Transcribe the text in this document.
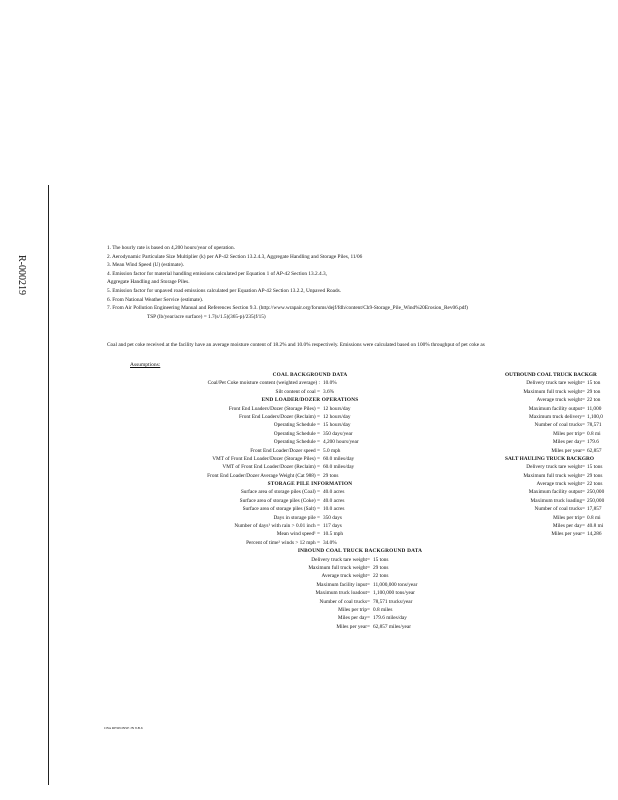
R-000219
1. The hourly rate is based on 4,200 hours/year of operation.
2. Aerodynamic Particulate Size Multiplier (k) per AP-42 Section 13.2.4.3, Aggregate Handling and Storage Piles, 11/06
3. Mean Wind Speed (U) (estimate).
4. Emission factor for material handling emissions calculated per Equation 1 of AP-42 Section 13.2.4.3,
Aggregate Handling and Storage Piles.
5. Emission factor for unpaved road emissions calculated per Equation AP-42 Section 13.2.2, Unpaved Roads.
6. From National Weather Service (estimate).
7. From Air Pollution Engineering Manual and References Section 9.3. (http://www.wrapair.org/forums/dejf/fdh/content/Ch9-Storage_Pile_Wind%20Erosion_Rev06.pdf)
TSP (lb/year/acre surface) = 1.7(s/1.5)(365-p)/235(f/15)
Coal and pet coke received at the facility have an average moisture content of 18.2% and 10.0% respectively. Emissions were calculated based on 100% throughput of pet coke as
Assumptions:
COAL BACKGROUND DATA
Coal/Pet Coke moisture content (weighted average) : 10.0%
Silt content of coal = 3.6%
END LOADER/DOZER OPERATIONS
Front End Loaders/Dozer (Storage Piles) = 12 hours/day
Front End Loaders/Dozer (Reclaim) = 12 hours/day
Operating Schedule = 15 hours/day
Operating Schedule = 350 days/year
Operating Schedule = 4,200 hours/year
Front End Loader/Dozer speed = 5.0 mph
VMT of Front End Loader/Dozer (Storage Piles) = 60.0 miles/day
VMT of Front End Loader/Dozer (Reclaim) = 60.0 miles/day
Front End Loader/Dozer Average Weight (Cat 988) = 29 tons
STORAGE PILE INFORMATION
Surface area of storage piles (Coal) = 40.0 acres
Surface area of storage piles (Coke) = 40.0 acres
Surface area of storage piles (Salt) = 10.0 acres
Days in storage pile = 350 days
Number of days¹ with rain > 0.01 inch = 117 days
Mean wind speed¹ = 10.5 mph
Percent of time¹ winds > 12 mph = 34.0%
INBOUND COAL TRUCK BACKGROUND DATA
Delivery truck tare weight= 15 tons
Maximum full truck weight= 29 tons
Average truck weight= 22 tons
Maximum facility input= 11,000,000 tons/year
Maximum truck loadout= 1,100,000 tons/year
Number of coal trucks= 78,571 trucks/year
Miles per trip= 0.8 miles
Miles per day= 179.6 miles/day
Miles per year= 62,857 miles/year
OUTBOUND COAL TRUCK BACKGR
Delivery truck tare weight= 15 ton
Maximum full truck weight= 29 ton
Average truck weight= 22 ton
Maximum facility output= 11,000
Maximum truck delivery= 1,100,0
Number of coal trucks= 78,571
Miles per trip= 0.8 mi
Miles per day= 179.6
Miles per year= 62,857
SALT HAULING TRUCK BACKGRO
Delivery truck tare weight= 15 tons
Maximum full truck weight= 29 tons
Average truck weight= 22 tons
Maximum facility output= 250,000
Maximum truck loading= 250,000
Number of coal trucks= 17,857
Miles per trip= 0.8 mi
Miles per day= 40.8 mi
Miles per year= 14,286
CBA RESPONSE JN 8.B.6
